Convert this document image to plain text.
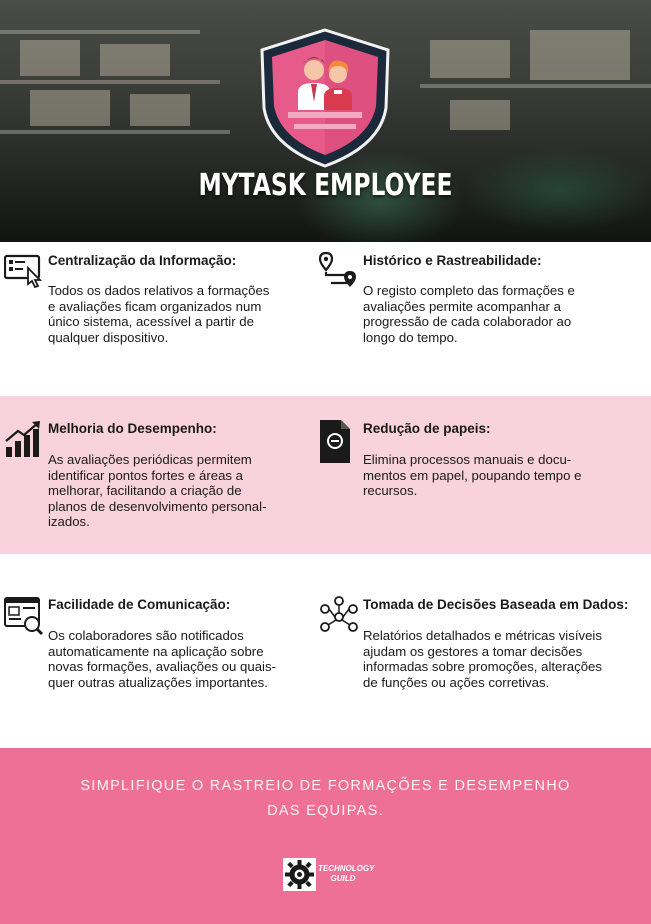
MYTASK EMPLOYEE
Centralização da Informação:
Todos os dados relativos a formações
e avaliações ficam organizados num
único sistema, acessível a partir de
qualquer dispositivo.
Histórico e Rastreabilidade:
O registo completo das formações e
avaliações permite acompanhar a
progressão de cada colaborador ao
longo do tempo.
Melhoria do Desempenho:
As avaliações periódicas permitem
identificar pontos fortes e áreas a
melhorar, facilitando a criação de
planos de desenvolvimento personal-
izados.
Redução de papeis:
Elimina processos manuais e docu-
mentos em papel, poupando tempo e
recursos.
Facilidade de Comunicação:
Os colaboradores são notificados
automaticamente na aplicação sobre
novas formações, avaliações ou quais-
quer outras atualizações importantes.
Tomada de Decisões Baseada em Dados:
Relatórios detalhados e métricas visíveis
ajudam os gestores a tomar decisões
informadas sobre promoções, alterações
de funções ou ações corretivas.
SIMPLIFIQUE O RASTREIO DE FORMAÇÕES E DESEMPENHO
DAS EQUIPAS.
TECHNOLOGY
GUILD
